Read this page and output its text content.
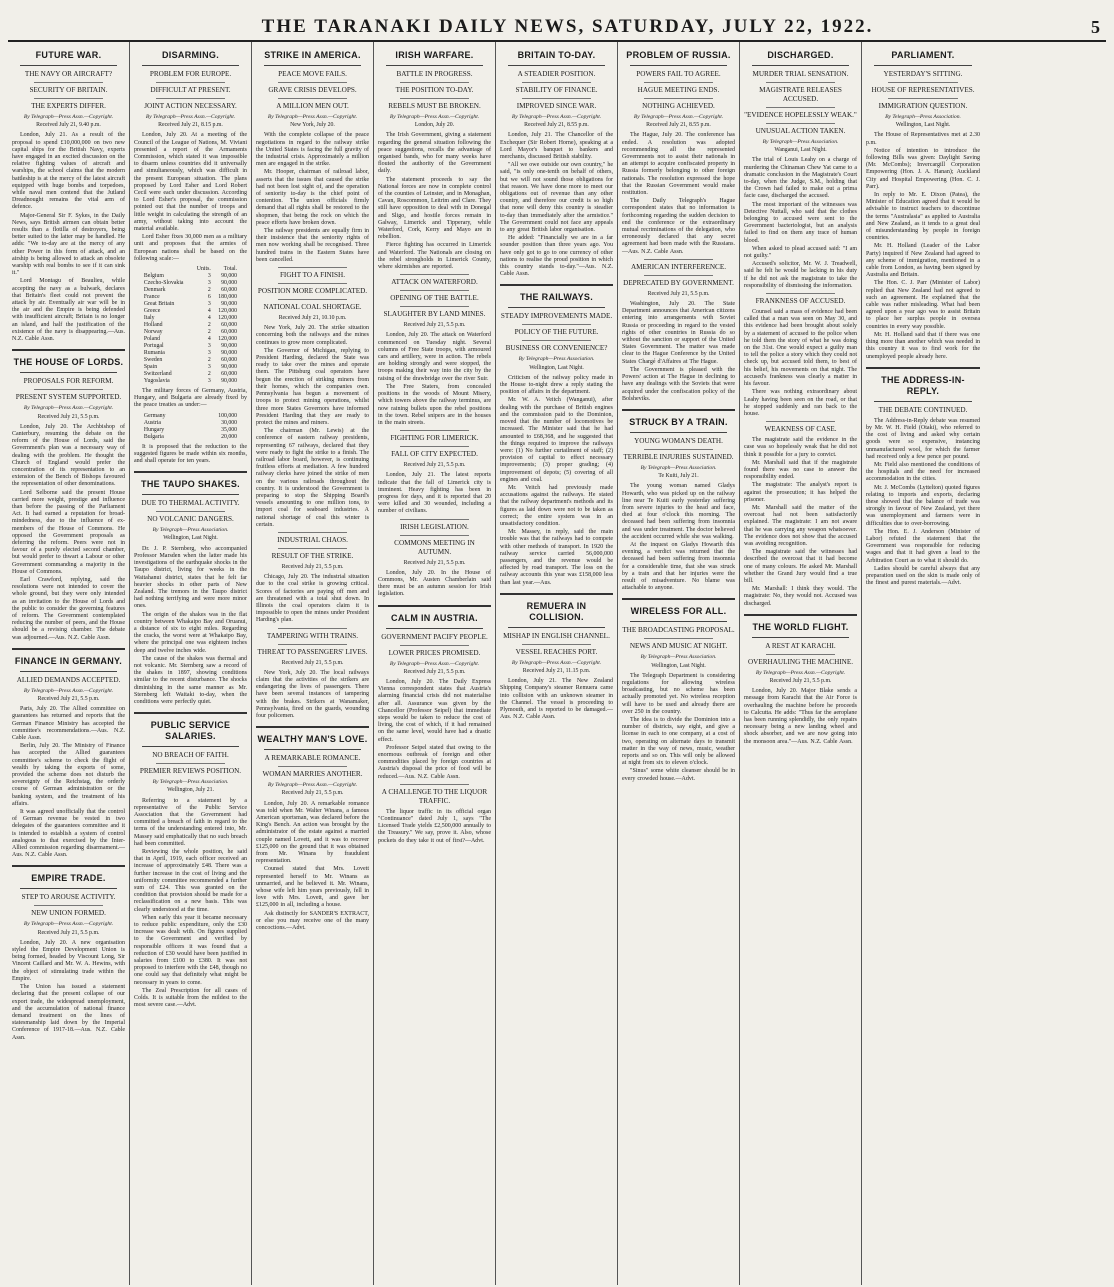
THE TARANAKI DAILY NEWS, SATURDAY, JULY 22, 1922.	5
FUTURE WAR.
THE NAVY OR AIRCRAFT?
SECURITY OF BRITAIN.
THE EXPERTS DIFFER.
By Telegraph—Press Assn.—Copyright.
Received July 21, 9.40 p.m.

London, July 21. As a result of the proposal to spend £10,000,000 on two new capital ships for the British Navy, experts have engaged in an excited discussion on the relative fighting values of aircraft and warships, the school claims that the modern battleship is at the mercy of the latest aircraft equipped with huge bombs and torpedoes, while naval men contend that the Jutland Dreadnought remains the vital arm of defence.

Major-General Sir F. Sykes, in the Daily News, says British airmen can obtain better results than a flotilla of destroyers, being better suited to the latter may be handled. He adds: "We to-day are at the mercy of any other Power in this form of attack, and an airship is being allowed to attack an obsolete warship with real bombs to see if it can sink it."

Lord Montagu of Beaulieu, while accepting the navy as a bulwark, declares that Britain's fleet could not prevent the attack by air. Eventually air war will be in the air and the Empire is being defended with insufficient aircraft; Britain is no longer an island, and half the justification of the existence of the navy is disappearing.—Aus. N.Z. Cable Assn.

THE HOUSE OF LORDS.
PROPOSALS FOR REFORM.
PRESENT SYSTEM SUPPORTED.
By Telegraph—Press Assn.—Copyright.
Received July 21, 5.5 p.m.

London, July 20. The Archbishop of Canterbury, resuming the debate on the reform of the House of Lords, said the Government's plan was a necessary way of dealing with the problem. He thought the Church of England would prefer the concentration of its representation to an extension of the Bench of Bishops favoured the representation of other denominations.

Lord Selborne said the present House carried more weight, prestige and influence than before the passing of the Parliament Act. It had earned a reputation for broad-mindedness, due to the influence of ex-members of the House of Commons. He opposed the Government proposals as deferring the reform. Peers were not in favour of a purely elected second chamber, but would prefer to thwart a Labour or other Government commanding a majority in the House of Commons.

Earl Crawford, replying, said the resolutions were not intended to cover the whole ground, but they were only intended as an invitation to the House of Lords and the public to consider the governing features of reform. The Government contemplated reducing the number of peers, and the House should be a revising chamber. The debate was adjourned.—Aus. N.Z. Cable Assn.

FINANCE IN GERMANY.
ALLIED DEMANDS ACCEPTED.
By Telegraph—Press Assn.—Copyright.
Received July 21, 5.5 p.m.

Paris, July 20. The Allied committee on guarantees has returned and reports that the German Finance Ministry has accepted the committee's recommendations.—Aus. N.Z. Cable Assn.

Berlin, July 20. The Ministry of Finance has accepted the Allied guarantees committee's scheme to check the flight of wealth by taking the exports of some, provided the scheme does not disturb the sovereignty of the Reichstag, the orderly course of German administration or the banking system, and the treatment of his affairs.

It was agreed unofficially that the control of German revenue be vested in two delegates of the guarantees committee and it is intended to establish a system of control analogous to that exercised by the Inter-Allied commission regarding disarmament.—Aus. N.Z. Cable Assn.

EMPIRE TRADE.
STEP TO AROUSE ACTIVITY.
NEW UNION FORMED.
By Telegraph—Press Assn.—Copyright.
Received July 21, 5.5 p.m.

London, July 20. A new organisation styled the Empire Development Union is being formed, headed by Viscount Long, Sir Vincent Caillard and Mr. W. A. Hewins, with the object of stimulating trade within the Empire.

The Union has issued a statement declaring that the present collapse of our export trade, the widespread unemployment, and the accumulation of national finance demand treatment on the lines of statesmanship laid down by the Imperial Conference of 1917-18.—Aus. N.Z. Cable Assn.

DISARMING.
PROBLEM FOR EUROPE.
DIFFICULT AT PRESENT.
JOINT ACTION NECESSARY.
By Telegraph—Press Assn.—Copyright.
Received July 21, 8.15 p.m.

London, July 20. At a meeting of the Council of the League of Nations, M. Viviani presented a report of the Armaments Commission, which stated it was impossible to disarm unless countries did it universally and simultaneously, which was difficult in the present European situation. The plans proposed by Lord Esher and Lord Robert Cecil were each under discussion. According to Lord Esher's proposal, the commission pointed out that the number of troops and little weight in calculating the strength of an army, without taking into account the material available.

Lord Esher fixes 30,000 men as a military unit and proposes that the armies of European nations shall be based on the following scale:—

	Units.	Total.
Belgium	3	90,000
Czecho-Slovakia	3	90,000
Denmark	2	60,000
France	6	180,000
Great Britain	3	90,000
Greece	4	120,000
Italy	4	120,000
Holland	2	60,000
Norway	2	60,000
Poland	4	120,000
Portugal	3	90,000
Rumania	3	90,000
Sweden	2	60,000
Spain	3	90,000
Switzerland	2	60,000
Yugoslavia	3	90,000

The military forces of Germany, Austria, Hungary, and Bulgaria are already fixed by the peace treaties as under:—

Germany		100,000
Austria		30,000
Hungary		35,000
Bulgaria		20,000

It is proposed that the reduction to the suggested figures be made within six months, and shall operate for ten years.

THE TAUPO SHAKES.
DUE TO THERMAL ACTIVITY.
NO VOLCANIC DANGERS.
By Telegraph—Press Association.
Wellington, Last Night.

Dr. J. P. Sternberg, who accompanied Professor Marsden when the latter made his investigations of the earthquake shocks in the Taupo district, living for weeks in the Waitahanui district, states that he felt far heavier shocks in other parts of New Zealand. The tremors in the Taupo district had nothing terrifying and were more minor ones.

The origin of the shakes was in the flat country between Whakaipo Bay and Oruanui, a distance of six to eight miles. Regarding the cracks, the worst were at Whakaipo Bay, where the principal one was eighteen inches deep and twelve inches wide.

The cause of the shakes was thermal and not volcanic. Mr. Sternberg saw a record of the shakes in 1897, showing conditions similar to the recent disturbance. The shocks diminishing in the same manner as Mr. Sternberg left Waitaki to-day, when the conditions were perfectly quiet.

PUBLIC SERVICE SALARIES.
NO BREACH OF FAITH.
PREMIER REVIEWS POSITION.
By Telegraph—Press Association.
Wellington, July 21.

Referring to a statement by a representative of the Public Service Association that the Government had committed a breach of faith in regard to the terms of the understanding entered into, Mr. Massey said emphatically that no such breach had been committed.

Reviewing the whole position, he said that in April, 1919, each officer received an increase of approximately £48. There was a further increase in the cost of living and the uniformity committee recommended a further sum of £24. This was granted on the condition that provision should be made for a reclassification on a new basis. This was clearly understood at the time.

When early this year it became necessary to reduce public expenditure, only the £30 increase was dealt with. On figures supplied to the Government and verified by responsible officers it was found that a reduction of £30 would have been justified in salaries from £100 to £380. It was not proposed to interfere with the £48, though no one could say that definitely what might be necessary in years to come.

The Zeal Prescription for all cases of Colds. It is suitable from the mildest to the most severe case.—Advt.

STRIKE IN AMERICA.
PEACE MOVE FAILS.
GRAVE CRISIS DEVELOPS.
A MILLION MEN OUT.
By Telegraph—Press Assn.—Copyright.
New York, July 20.

With the complete collapse of the peace negotiations in regard to the railway strike the United States is facing the full gravity of the industrial crisis. Approximately a million men are engaged in the strike.

Mr. Hooper, chairman of railroad labor, asserts that the issues that caused the strike had not been lost sight of, and the operation of seniority to-day is the chief point of contention. The union officials firmly demand that all rights shall be restored to the shopmen, that being the rock on which the peace efforts have broken down.

The railway presidents are equally firm in their insistence that the seniority rights of men now working shall be recognised. Three hundred trains in the Eastern States have been cancelled.

FIGHT TO A FINISH.
POSITION MORE COMPLICATED.
NATIONAL COAL SHORTAGE.
Received July 21, 10.10 p.m.

New York, July 20. The strike situation concerning both the railways and the mines continues to grow more complicated.

The Governor of Michigan, replying to President Harding, declared the State was ready to take over the mines and operate them. The Pittsburg coal operators have begun the erection of striking miners from their homes, which the companies own. Pennsylvania has begun a movement of troops to protect mining operations, whilst three more States Governors have informed President Harding that they are ready to protect the mines and miners.

The chairman (Mr. Lewis) at the conference of eastern railway presidents, representing 67 railways, declared that they were ready to fight the strike to a finish. The railroad labor board, however, is continuing fruitless efforts at mediation. A few hundred railway clerks have joined the strike of men on the various railroads throughout the country. It is understood the Government is preparing to stop the Shipping Board's vessels amounting to one million tons, to import coal for seaboard industries. A national shortage of coal this winter is certain.

INDUSTRIAL CHAOS.
RESULT OF THE STRIKE.
Received July 21, 5.5 p.m.

Chicago, July 20. The industrial situation due to the coal strike is growing critical. Scores of factories are paying off men and are threatened with a total shut down. In Illinois the coal operators claim it is impossible to open the mines under President Harding's plan.

TAMPERING WITH TRAINS.
THREAT TO PASSENGERS' LIVES.
Received July 21, 5.5 p.m.

New York, July 20. The local railways claim that the activities of the strikers are endangering the lives of passengers. There have been several instances of tampering with the brakes. Strikers at Wanamaker, Pennsylvania, fired on the guards, wounding four policemen.

WEALTHY MAN'S LOVE.
A REMARKABLE ROMANCE.
WOMAN MARRIES ANOTHER.
By Telegraph—Press Assn.—Copyright.
Received July 21, 5.5 p.m.

London, July 20. A remarkable romance was told when Mr. Walter Winans, a famous American sportsman, was declared before the King's Bench. An action was brought by the administrator of the estate against a married couple named Lovett, and it was to recover £125,000 on the ground that it was obtained from Mr. Winans by fraudulent representation.

Counsel stated that Mrs. Lovett represented herself to Mr. Winans as unmarried, and he believed it. Mr. Winans, whose wife left him years previously, fell in love with Mrs. Lovett, and gave her £125,000 in all, including a house.

Ask distinctly for SANDER'S EXTRACT, or else you may receive one of the many concoctions.—Advt.

IRISH WARFARE.
BATTLE IN PROGRESS.
THE POSITION TO-DAY.
REBELS MUST BE BROKEN.
By Telegraph—Press Assn.—Copyright.
London, July 20.

The Irish Government, giving a statement regarding the general situation following the peace suggestions, recalls the advantage of organised bands, who for many weeks have flouted the authority of the Government daily.

The statement proceeds to say the National forces are now in complete control of the counties of Leinster, and in Monaghan, Cavan, Roscommon, Leitrim and Clare. They still have opposition to deal with in Donegal and Sligo, and hostile forces remain in Galway, Limerick and Tipperary, while Waterford, Cork, Kerry and Mayo are in rebellion.

Fierce fighting has occurred in Limerick and Waterford. The Nationals are closing on the rebel strongholds in Limerick County, where skirmishes are reported.

ATTACK ON WATERFORD.
OPENING OF THE BATTLE.
SLAUGHTER BY LAND MINES.
Received July 21, 5.5 p.m.

London, July 20. The attack on Waterford commenced on Tuesday night. Several columns of Free State troops, with armoured cars and artillery, were in action. The rebels are holding strongly and were stopped, the troops making their way into the city by the raising of the drawbridge over the river Suir.

The Free Staters, from concealed positions in the woods of Mount Misery, which towers above the railway terminus, are now raining bullets upon the rebel positions in the town. Rebel snipers are in the houses in the main streets.

FIGHTING FOR LIMERICK.
FALL OF CITY EXPECTED.
Received July 21, 5.5 p.m.

London, July 21. The latest reports indicate that the fall of Limerick city is imminent. Heavy fighting has been in progress for days, and it is reported that 20 were killed and 30 wounded, including a number of civilians.

IRISH LEGISLATION.
COMMONS MEETING IN AUTUMN.
Received July 21, 5.5 p.m.

London, July 20. In the House of Commons, Mr. Austen Chamberlain said there must be an autumn session for Irish legislation.

CALM IN AUSTRIA.
GOVERNMENT PACIFY PEOPLE.
LOWER PRICES PROMISED.
By Telegraph—Press Assn.—Copyright.
Received July 21, 5.5 p.m.

London, July 20. The Daily Express Vienna correspondent states that Austria's alarming financial crisis did not materialise after all. Assurance was given by the Chancellor (Professor Seipel) that immediate steps would be taken to reduce the cost of living, the cost of which, if it had remained on the same level, would have had a drastic effect.

Professor Seipel stated that owing to the enormous outbreak of foreign and other commodities placed by foreign countries at Austria's disposal the price of food will be reduced.—Aus. N.Z. Cable Assn.

A CHALLENGE TO THE LIQUOR TRAFFIC.

The liquor traffic in its official organ "Continuance" dated July 1, says "The Licensed Trade yields £2,500,000 annually to the Treasury." We say, prove it. Also, whose pockets do they take it out of first?—Advt.

BRITAIN TO-DAY.
A STEADIER POSITION.
STABILITY OF FINANCE.
IMPROVED SINCE WAR.
By Telegraph—Press Assn.—Copyright.
Received July 21, 8.55 p.m.

London, July 21. The Chancellor of the Exchequer (Sir Robert Horne), speaking at a Lord Mayor's banquet to bankers and merchants, discussed British stability.

"All we owe outside our own country," he said, "is only one-tenth on behalf of others, but we will not sound those obligations for that reason. We have done more to meet our obligations out of revenue than any other country, and therefore our credit is so high that none will deny this country is steadier to-day than immediately after the armistice." The Government could not face any appeals to any great British labor organisation.

He added: "Financially we are in a far sounder position than three years ago. You have only got to go to one currency of other nations to realise the proud position in which this country stands to-day."—Aus. N.Z. Cable Assn.

THE RAILWAYS.
STEADY IMPROVEMENTS MADE.
POLICY OF THE FUTURE.
BUSINESS OR CONVENIENCE?
By Telegraph—Press Association.
Wellington, Last Night.

Criticism of the railway policy made in the House to-night drew a reply stating the position of affairs in the department.

Mr. W. A. Veitch (Wanganui), after dealing with the purchase of British engines and the commission paid to the Dominion, moved that the number of locomotives be increased. The Minister said that he had amounted to £68,368, and he suggested that the things required to improve the railways were: (1) No further curtailment of staff; (2) provision of capital to effect necessary improvements; (3) proper grading; (4) improvement of depots; (5) covering of all engines and coal.

Mr. Veitch had previously made accusations against the railways. He stated that the railway department's methods and its figures as laid down were not to be taken as correct; the entire system was in an unsatisfactory condition.

Mr. Massey, in reply, said the main trouble was that the railways had to compete with other methods of transport. In 1920 the railway service carried 56,000,000 passengers, and the revenue would be affected by road transport. The loss on the railway accounts this year was £158,000 less than last year.—Aus.

REMUERA IN COLLISION.
MISHAP IN ENGLISH CHANNEL.
VESSEL REACHES PORT.
By Telegraph—Press Assn.—Copyright.
Received July 21, 11.15 p.m.

London, July 21. The New Zealand Shipping Company's steamer Remuera came into collision with an unknown steamer in the Channel. The vessel is proceeding to Plymouth, and is reported to be damaged.—Aus. N.Z. Cable Assn.

PROBLEM OF RUSSIA.
POWERS FAIL TO AGREE.
HAGUE MEETING ENDS.
NOTHING ACHIEVED.
By Telegraph—Press Assn.—Copyright.
Received July 21, 8.55 p.m.

The Hague, July 20. The conference has ended. A resolution was adopted recommending all the represented Governments not to assist their nationals in an attempt to acquire confiscated property in Russia formerly belonging to other foreign nationals. The resolution expressed the hope that the Russian Government would make restitution.

The Daily Telegraph's Hague correspondent states that no information is forthcoming regarding the sudden decision to end the conference or the extraordinary mutual recriminations of the delegation, who erroneously declared that any secret agreement had been made with the Russians.—Aus. N.Z. Cable Assn.

AMERICAN INTERFERENCE.
DEPRECATED BY GOVERNMENT.
Received July 21, 5.5 p.m.

Washington, July 20. The State Department announces that American citizens entering into arrangements with Soviet Russia or proceeding in regard to the vested rights of other countries in Russia do so without the sanction or support of the United States Government. The matter was made clear to the Hague Conference by the United States Chargé d'Affaires at The Hague.

The Government is pleased with the Powers' action at The Hague in declining to have any dealings with the Soviets that were acquired under the confiscation policy of the Bolsheviks.

STRUCK BY A TRAIN.
YOUNG WOMAN'S DEATH.
TERRIBLE INJURIES SUSTAINED.
By Telegraph—Press Association.
Te Kuiti, July 21.

The young woman named Gladys Howarth, who was picked up on the railway line near Te Kuiti early yesterday suffering from severe injuries to the head and face, died at four o'clock this morning. The deceased had been suffering from insomnia and was under treatment. The doctor believed the accident occurred while she was walking.

At the inquest on Gladys Howarth this evening, a verdict was returned that the deceased had been suffering from insomnia for a considerable time, that she was struck by a train and that her injuries were the result of misadventure. No blame was attachable to anyone.

WIRELESS FOR ALL.
THE BROADCASTING PROPOSAL.
NEWS AND MUSIC AT NIGHT.
By Telegraph—Press Association.
Wellington, Last Night.

The Telegraph Department is considering regulations for allowing wireless broadcasting, but no scheme has been actually promoted yet. No wireless reception will have to be used and already there are over 250 in the country.

The idea is to divide the Dominion into a number of districts, say eight, and give a license in each to one company, at a cost of two, operating on alternate days to transmit matter in the way of news, music, weather reports and so on. This will only be allowed at night from six to eleven o'clock.

"Sinus" some white cleanser should be in every crowded house.—Advt.

DISCHARGED.
MURDER TRIAL SENSATION.
MAGISTRATE RELEASES ACCUSED.
"EVIDENCE HOPELESSLY WEAK."
UNUSUAL ACTION TAKEN.
By Telegraph—Press Association.
Wanganui, Last Night.

The trial of Louis Leahy on a charge of murdering the Chinaman Chew Yat came to a dramatic conclusion in the Magistrate's Court to-day, when the Judge, S.M., holding that the Crown had failed to make out a prima facie case, discharged the accused.

The most important of the witnesses was Detective Nuttall, who said that the clothes belonging to accused were sent to the Government bacteriologist, but an analysis failed to find on them any trace of human blood.

When asked to plead accused said: "I am not guilty."

Accused's solicitor, Mr. W. J. Treadwell, said he felt he would be lacking in his duty if he did not ask the magistrate to take the responsibility of dismissing the information.

FRANKNESS OF ACCUSED.

Counsel said a mass of evidence had been called that a man was seen on May 30, and this evidence had been brought about solely by a statement of accused to the police when he told them the story of what he was doing on the 31st. One would expect a guilty man to tell the police a story which they could not check up, but accused told them, to best of his belief, his movements on that night. The accused's frankness was clearly a matter in his favour.

There was nothing extraordinary about Leahy having been seen on the road, or that he stopped suddenly and ran back to the house.

WEAKNESS OF CASE.

The magistrate said the evidence in the case was so hopelessly weak that he did not think it possible for a jury to convict.

Mr. Marshall said that if the magistrate found there was no case to answer the responsibility ended.

The magistrate: The analyst's report is against the prosecution; it has helped the prisoner.

Mr. Marshall said the matter of the overcoat had not been satisfactorily explained. The magistrate: I am not aware that he was carrying any weapon whatsoever. The evidence does not show that the accused was avoiding recognition.

The magistrate said the witnesses had described the overcoat that it had become one of many colours. He asked Mr. Marshall whether the Grand Jury would find a true bill.

Mr. Marshall: I think they would. The magistrate: No, they would not. Accused was discharged.

THE WORLD FLIGHT.
A REST AT KARACHI.
OVERHAULING THE MACHINE.
By Telegraph—Press Assn.—Copyright.
Received July 21, 5.5 p.m.

London, July 20. Major Blake sends a message from Karachi that the Air Force is overhauling the machine before he proceeds to Calcutta. He adds: "Thus far the aeroplane has been running splendidly, the only repairs necessary being a new landing wheel and shock absorber, and we are now going into the monsoon area."—Aus. N.Z. Cable Assn.

PARLIAMENT.
YESTERDAY'S SITTING.
HOUSE OF REPRESENTATIVES.
IMMIGRATION QUESTION.
By Telegraph—Press Association.
Wellington, Last Night.

The House of Representatives met at 2.30 p.m.

Notice of intention to introduce the following Bills was given: Daylight Saving (Mr. McCombs); Invercargill Corporation Empowering (Hon. J. A. Hanan); Auckland City and Hospital Empowering (Hon. C. J. Parr).

In reply to Mr. E. Dixon (Patea), the Minister of Education agreed that it would be advisable to instruct teachers to discontinue the terms "Australasia" as applied to Australia and New Zealand, as it tends to a great deal of misunderstanding by people in foreign countries.

Mr. H. Holland (Leader of the Labor Party) inquired if New Zealand had agreed to any scheme of immigration, mentioned in a cable from London, as having been signed by Australia and Britain.

The Hon. C. J. Parr (Minister of Labor) replied that New Zealand had not agreed to such an agreement. He explained that the cable was rather misleading. What had been agreed upon a year ago was to assist Britain to place her surplus people in oversea countries in every way possible.

Mr. H. Holland said that if there was one thing more than another which was needed in this country it was to find work for the unemployed people already here.

THE ADDRESS-IN-REPLY.
THE DEBATE CONTINUED.

The Address-in-Reply debate was resumed by Mr. W. H. Field (Otaki), who referred to the cost of living and asked why certain goods were so expensive, instancing unmanufactured wool, for which the farmer had received only a few pence per pound.

Mr. Field also mentioned the conditions of the hospitals and the need for increased accommodation in the cities.

Mr. J. McCombs (Lyttelton) quoted figures relating to imports and exports, declaring these showed that the balance of trade was strongly in favour of New Zealand, yet there was unemployment and farmers were in difficulties due to over-borrowing.

The Hon. E. J. Anderson (Minister of Labor) refuted the statement that the Government was responsible for reducing wages and that it had given a lead to the Arbitration Court as to what it should do.

Ladies should be careful always that any preparation used on the skin is made only of the finest and purest materials.—Advt.
